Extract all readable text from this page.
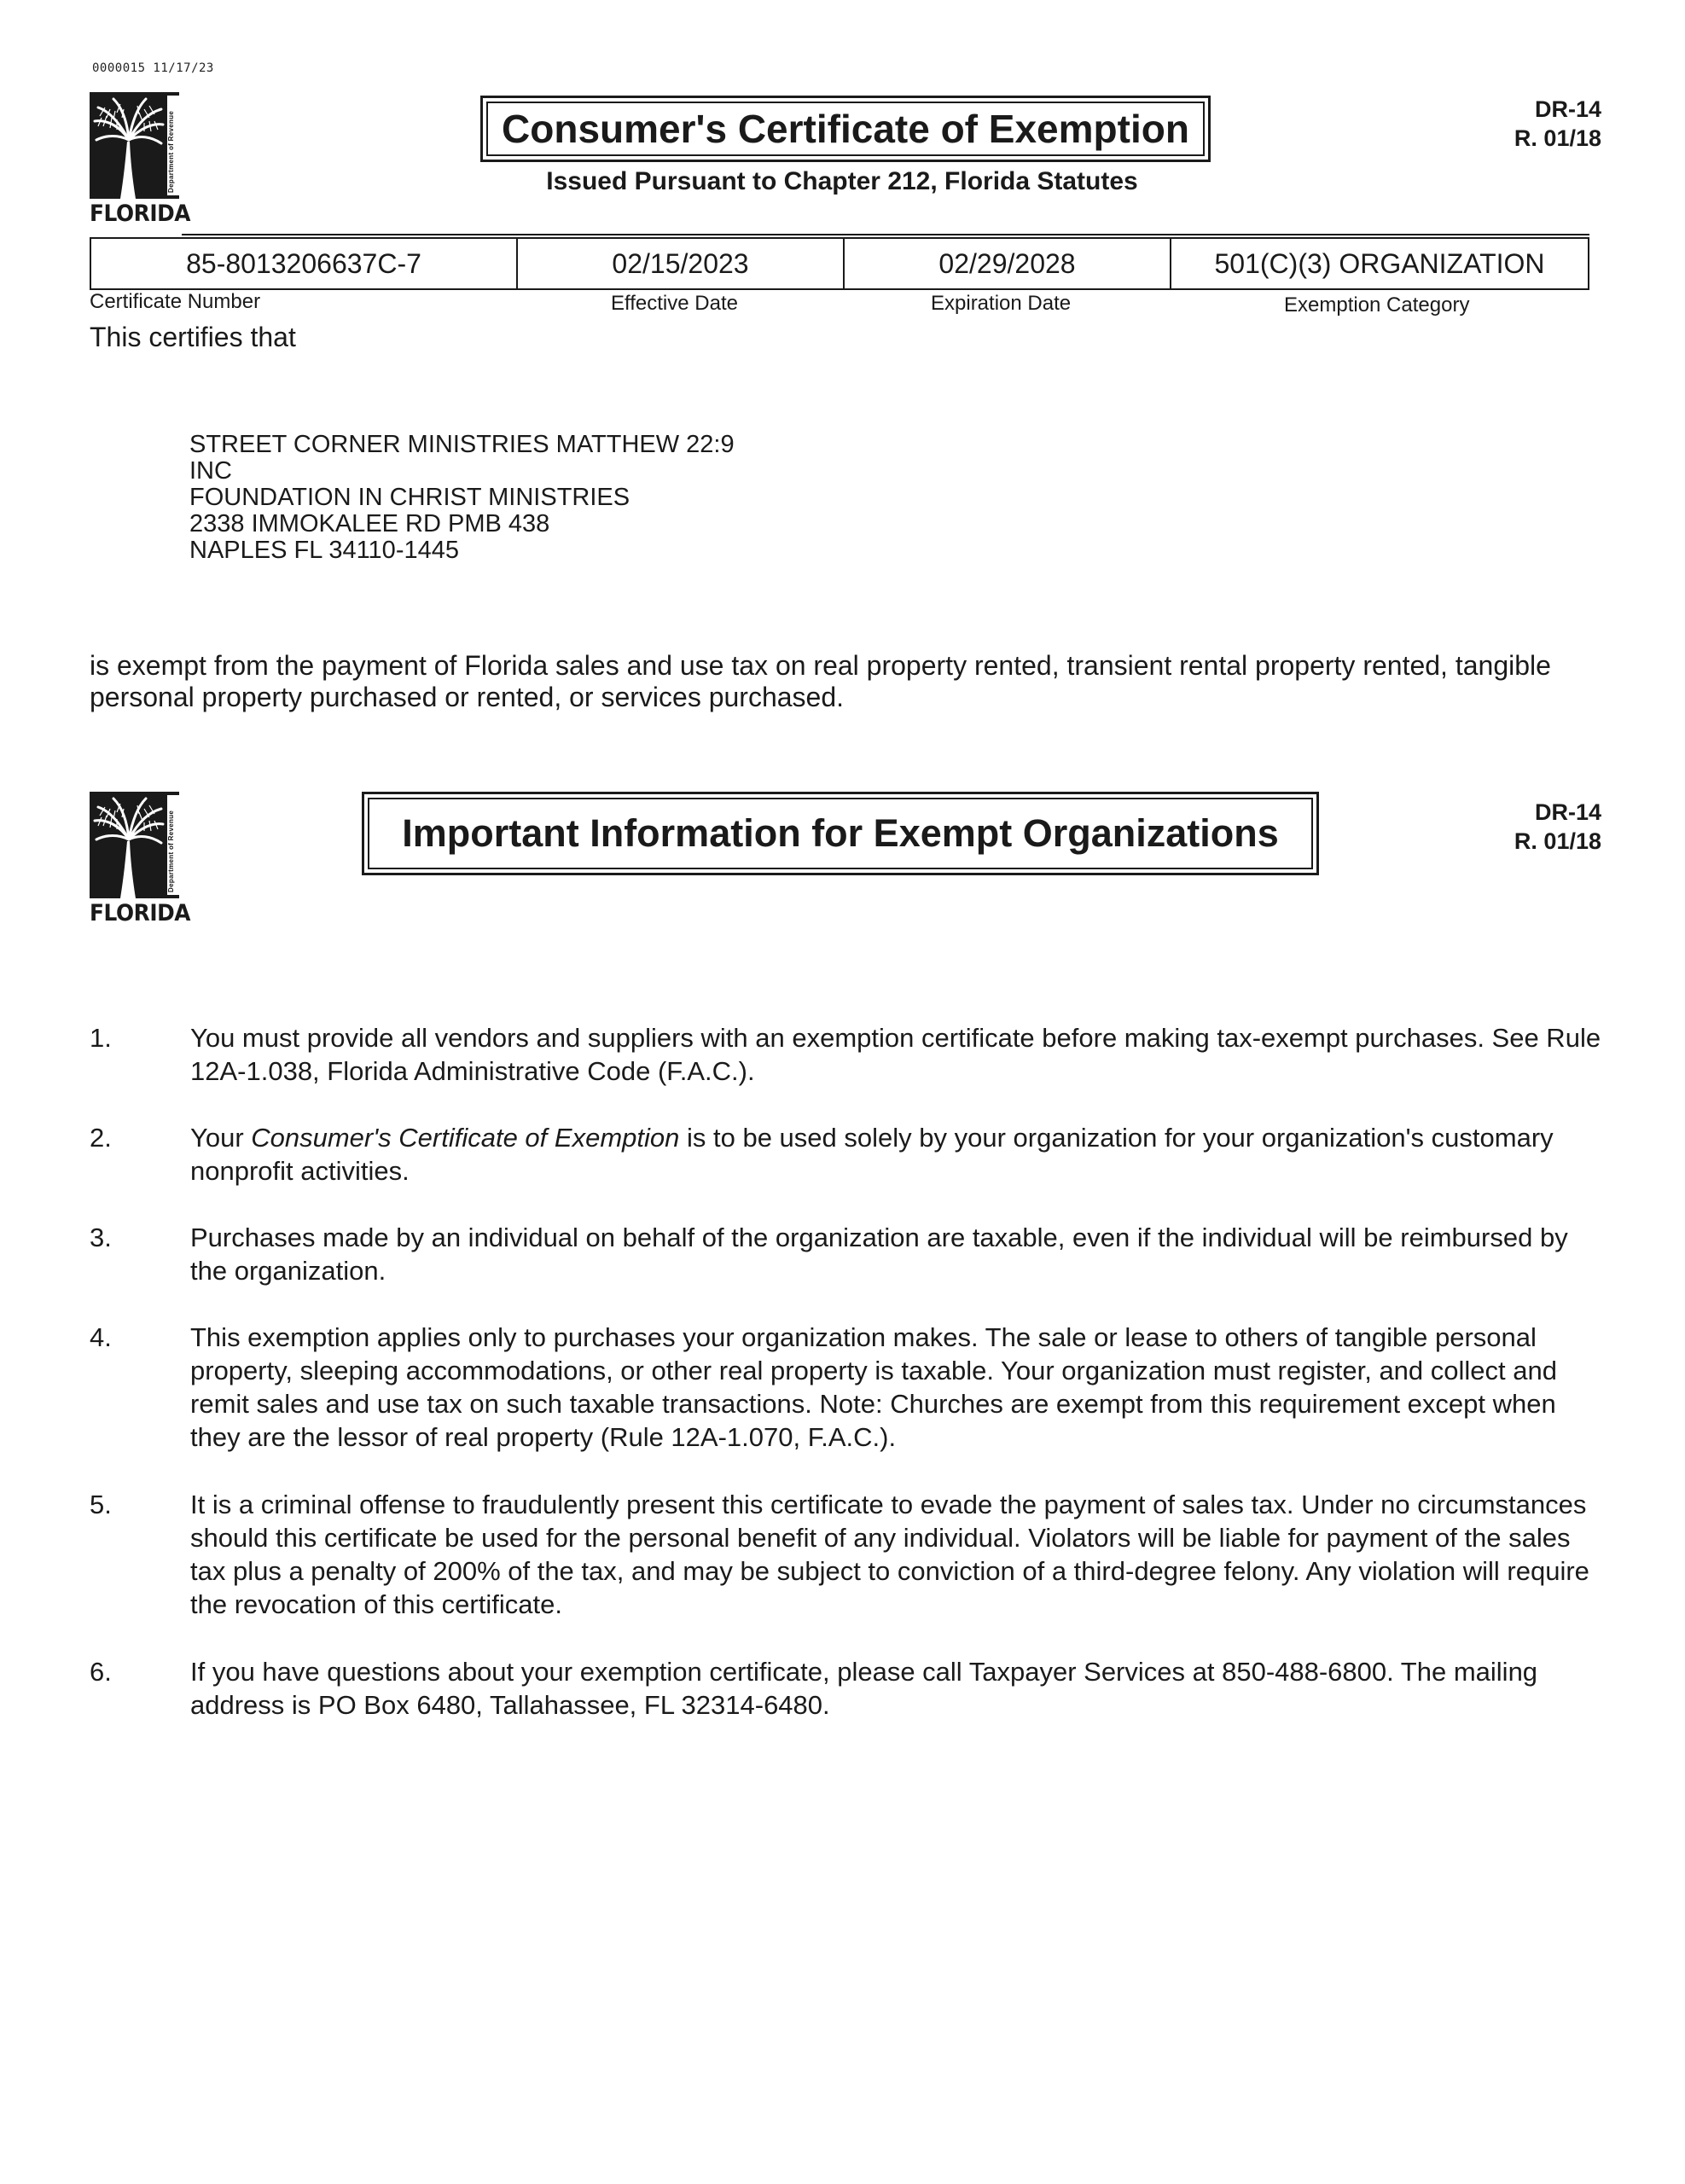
0000015 11/17/23
Department of Revenue
FLORIDA
Consumer's Certificate of Exemption
Issued Pursuant to Chapter 212, Florida Statutes
DR-14
R. 01/18
85-8013206637C-7	02/15/2023	02/29/2028	501(C)(3) ORGANIZATION
Certificate Number	Effective Date	Expiration Date	Exemption Category
This certifies that
STREET CORNER MINISTRIES MATTHEW 22:9
INC
FOUNDATION IN CHRIST MINISTRIES
2338 IMMOKALEE RD PMB 438
NAPLES FL 34110-1445
is exempt from the payment of Florida sales and use tax on real property rented, transient rental property rented, tangible personal property purchased or rented, or services purchased.
Department of Revenue
FLORIDA
Important Information for Exempt Organizations	DR-14
R. 01/18
1.	You must provide all vendors and suppliers with an exemption certificate before making tax-exempt purchases. See Rule 12A-1.038, Florida Administrative Code (F.A.C.).
2.	Your Consumer's Certificate of Exemption is to be used solely by your organization for your organization's customary nonprofit activities.
3.	Purchases made by an individual on behalf of the organization are taxable, even if the individual will be reimbursed by the organization.
4.	This exemption applies only to purchases your organization makes. The sale or lease to others of tangible personal property, sleeping accommodations, or other real property is taxable. Your organization must register, and collect and remit sales and use tax on such taxable transactions. Note: Churches are exempt from this requirement except when they are the lessor of real property (Rule 12A-1.070, F.A.C.).
5.	It is a criminal offense to fraudulently present this certificate to evade the payment of sales tax. Under no circumstances should this certificate be used for the personal benefit of any individual. Violators will be liable for payment of the sales tax plus a penalty of 200% of the tax, and may be subject to conviction of a third-degree felony. Any violation will require the revocation of this certificate.
6.	If you have questions about your exemption certificate, please call Taxpayer Services at 850-488-6800. The mailing address is PO Box 6480, Tallahassee, FL 32314-6480.
